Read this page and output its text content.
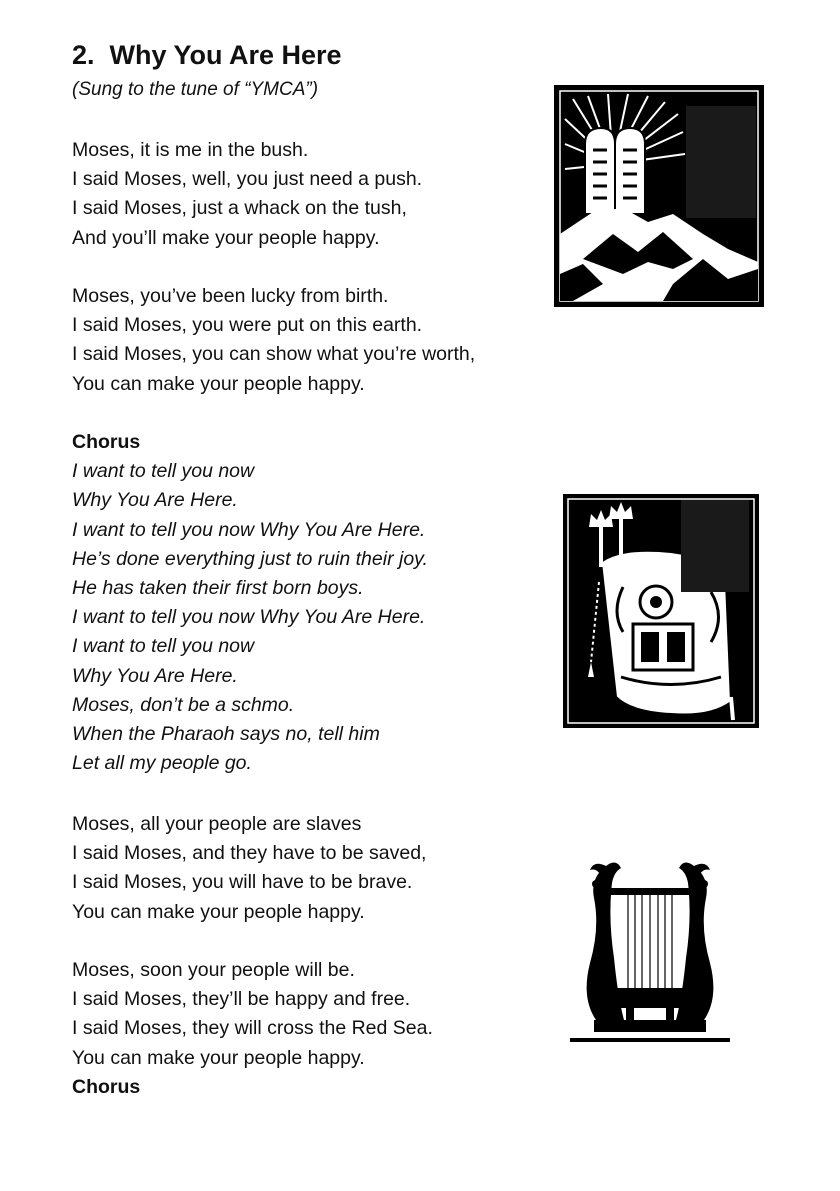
2.  Why You Are Here
(Sung to the tune of “YMCA”)
Moses, it is me in the bush.
I said Moses, well, you just need a push.
I said Moses, just a whack on the tush,
And you’ll make your people happy.
Moses, you’ve been lucky from birth.
I said Moses, you were put on this earth.
I said Moses, you can show what you’re worth,
You can make your people happy.
Chorus
I want to tell you now
Why You Are Here.
I want to tell you now Why You Are Here.
He’s done everything just to ruin their joy.
He has taken their first born boys.
I want to tell you now Why You Are Here.
I want to tell you now
Why You Are Here.
Moses, don’t be a schmo.
When the Pharaoh says no, tell him
Let all my people go.
Moses, all your people are slaves
I said Moses, and they have to be saved,
I said Moses, you will have to be brave.
You can make your people happy.
Moses, soon your people will be.
I said Moses, they’ll be happy and free.
I said Moses, they will cross the Red Sea.
You can make your people happy.
Chorus
